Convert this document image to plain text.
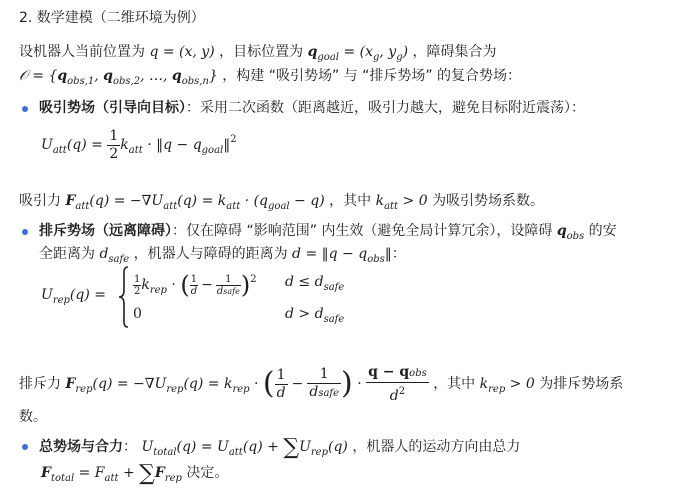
2. 数学建模（二维环境为例）
设机器人当前位置为 q = (x, y) ，目标位置为 $q_{goal} = (x_g$, $y_g$) ，障碍集合为
𝒪 = {$q_{obs,1}$, $q_{obs,2}$, …, $q_{obs,n}$} ，构建 “吸引势场” 与 “排斥势场” 的复合势场：
吸引势场（引导向目标）：采用二次函数（距离越近，吸引力越大，避免目标附近震荡）：
$U_{att}(q) = \frac{1}{2} k_{att}$ · ‖q − $q_{goal}‖^2$
吸引力 $F_{att}(q) = -\nabla U_{att}(q) = k_{att} \cdot (q_{goal} - q)$ ，其中 $k_{att} > 0$ 为吸引势场系数。
排斥势场（远离障碍）：仅在障碍 “影响范围” 内生效（避免全局计算冗余），设障碍 $q_{obs}$ 的安
全距离为 $d_{safe}$ ，机器人与障碍的距离为 d = ‖q − $q_{obs}‖$：
$U_{rep}(q)$ =	$\frac{1}{2} k_{rep}$ · ( $\frac{1}{d}$ −	1
dsafe )$^2$ $d \le d_{safe}$
0	$d > d_{safe}$
排斥力 $F_{rep}(q) = -\nabla U_{rep}(q) = k_{rep}$ · ( $\frac{1}{d} - \frac{1}{\text{dsafe}}$ ) · $\frac{\text{q − qobs}}{d^2}$ ，其中 $k_{rep} > 0$ 为排斥势场系
数。
总势场与合力： $U_{total}(q) = U_{att}(q) + \sum U_{rep}(q)$ ，机器人的运动方向由总力
$F_{total} = F_{att} + \sum F_{rep}$ 决定。
